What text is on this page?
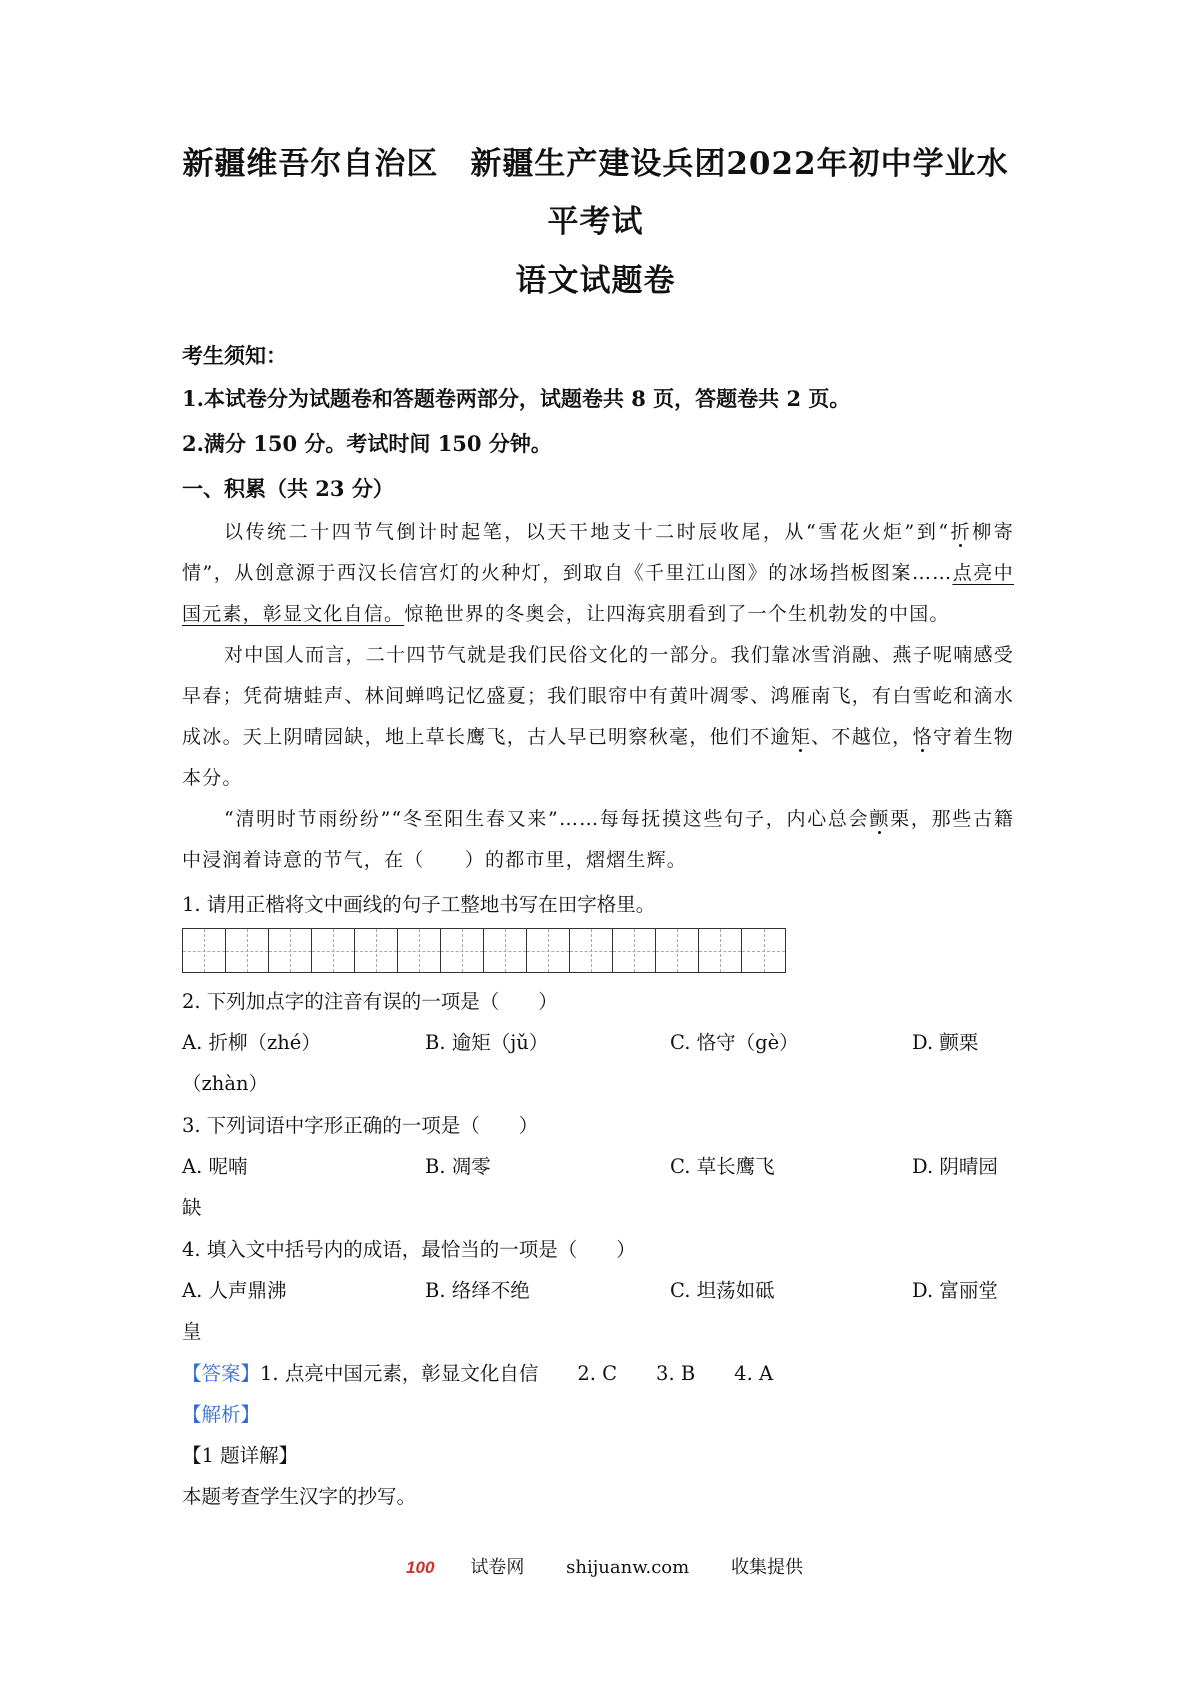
新疆维吾尔自治区　新疆生产建设兵团2022年初中学业水
平考试
语文试题卷
考生须知：
1.本试卷分为试题卷和答题卷两部分，试题卷共 8 页，答题卷共 2 页。
2.满分 150 分。考试时间 150 分钟。
一、积累（共 23 分）
以传统二十四节气倒计时起笔，以天干地支十二时辰收尾，从“雪花火炬”到“折柳寄情”，从创意源于西汉长信宫灯的火种灯，到取自《千里江山图》的冰场挡板图案……点亮中国元素，彰显文化自信。惊艳世界的冬奥会，让四海宾朋看到了一个生机勃发的中国。
对中国人而言，二十四节气就是我们民俗文化的一部分。我们靠冰雪消融、燕子呢喃感受早春；凭荷塘蛙声、林间蝉鸣记忆盛夏；我们眼帘中有黄叶凋零、鸿雁南飞，有白雪屹和滴水成冰。天上阴晴园缺，地上草长鹰飞，古人早已明察秋毫，他们不逾矩、不越位，恪守着生物本分。
“清明时节雨纷纷”“冬至阳生春又来”……每每抚摸这些句子，内心总会颤栗，那些古籍中浸润着诗意的节气，在（　　）的都市里，熠熠生辉。
1. 请用正楷将文中画线的句子工整地书写在田字格里。
2. 下列加点字的注音有误的一项是（　　）
A. 折柳（zhé）	B. 逾矩（jǔ）	C. 恪守（gè）	D. 颤栗
（zhàn）
3. 下列词语中字形正确的一项是（　　）
A. 呢喃	B. 凋零	C. 草长鹰飞	D. 阴晴园
缺
4. 填入文中括号内的成语，最恰当的一项是（　　）
A. 人声鼎沸	B. 络绎不绝	C. 坦荡如砥	D. 富丽堂
皇
【答案】1. 点亮中国元素，彰显文化自信　　2. C　　3. B　　4. A
【解析】
【1 题详解】
本题考查学生汉字的抄写。
100 试卷网 shijuanw.com 收集提供
